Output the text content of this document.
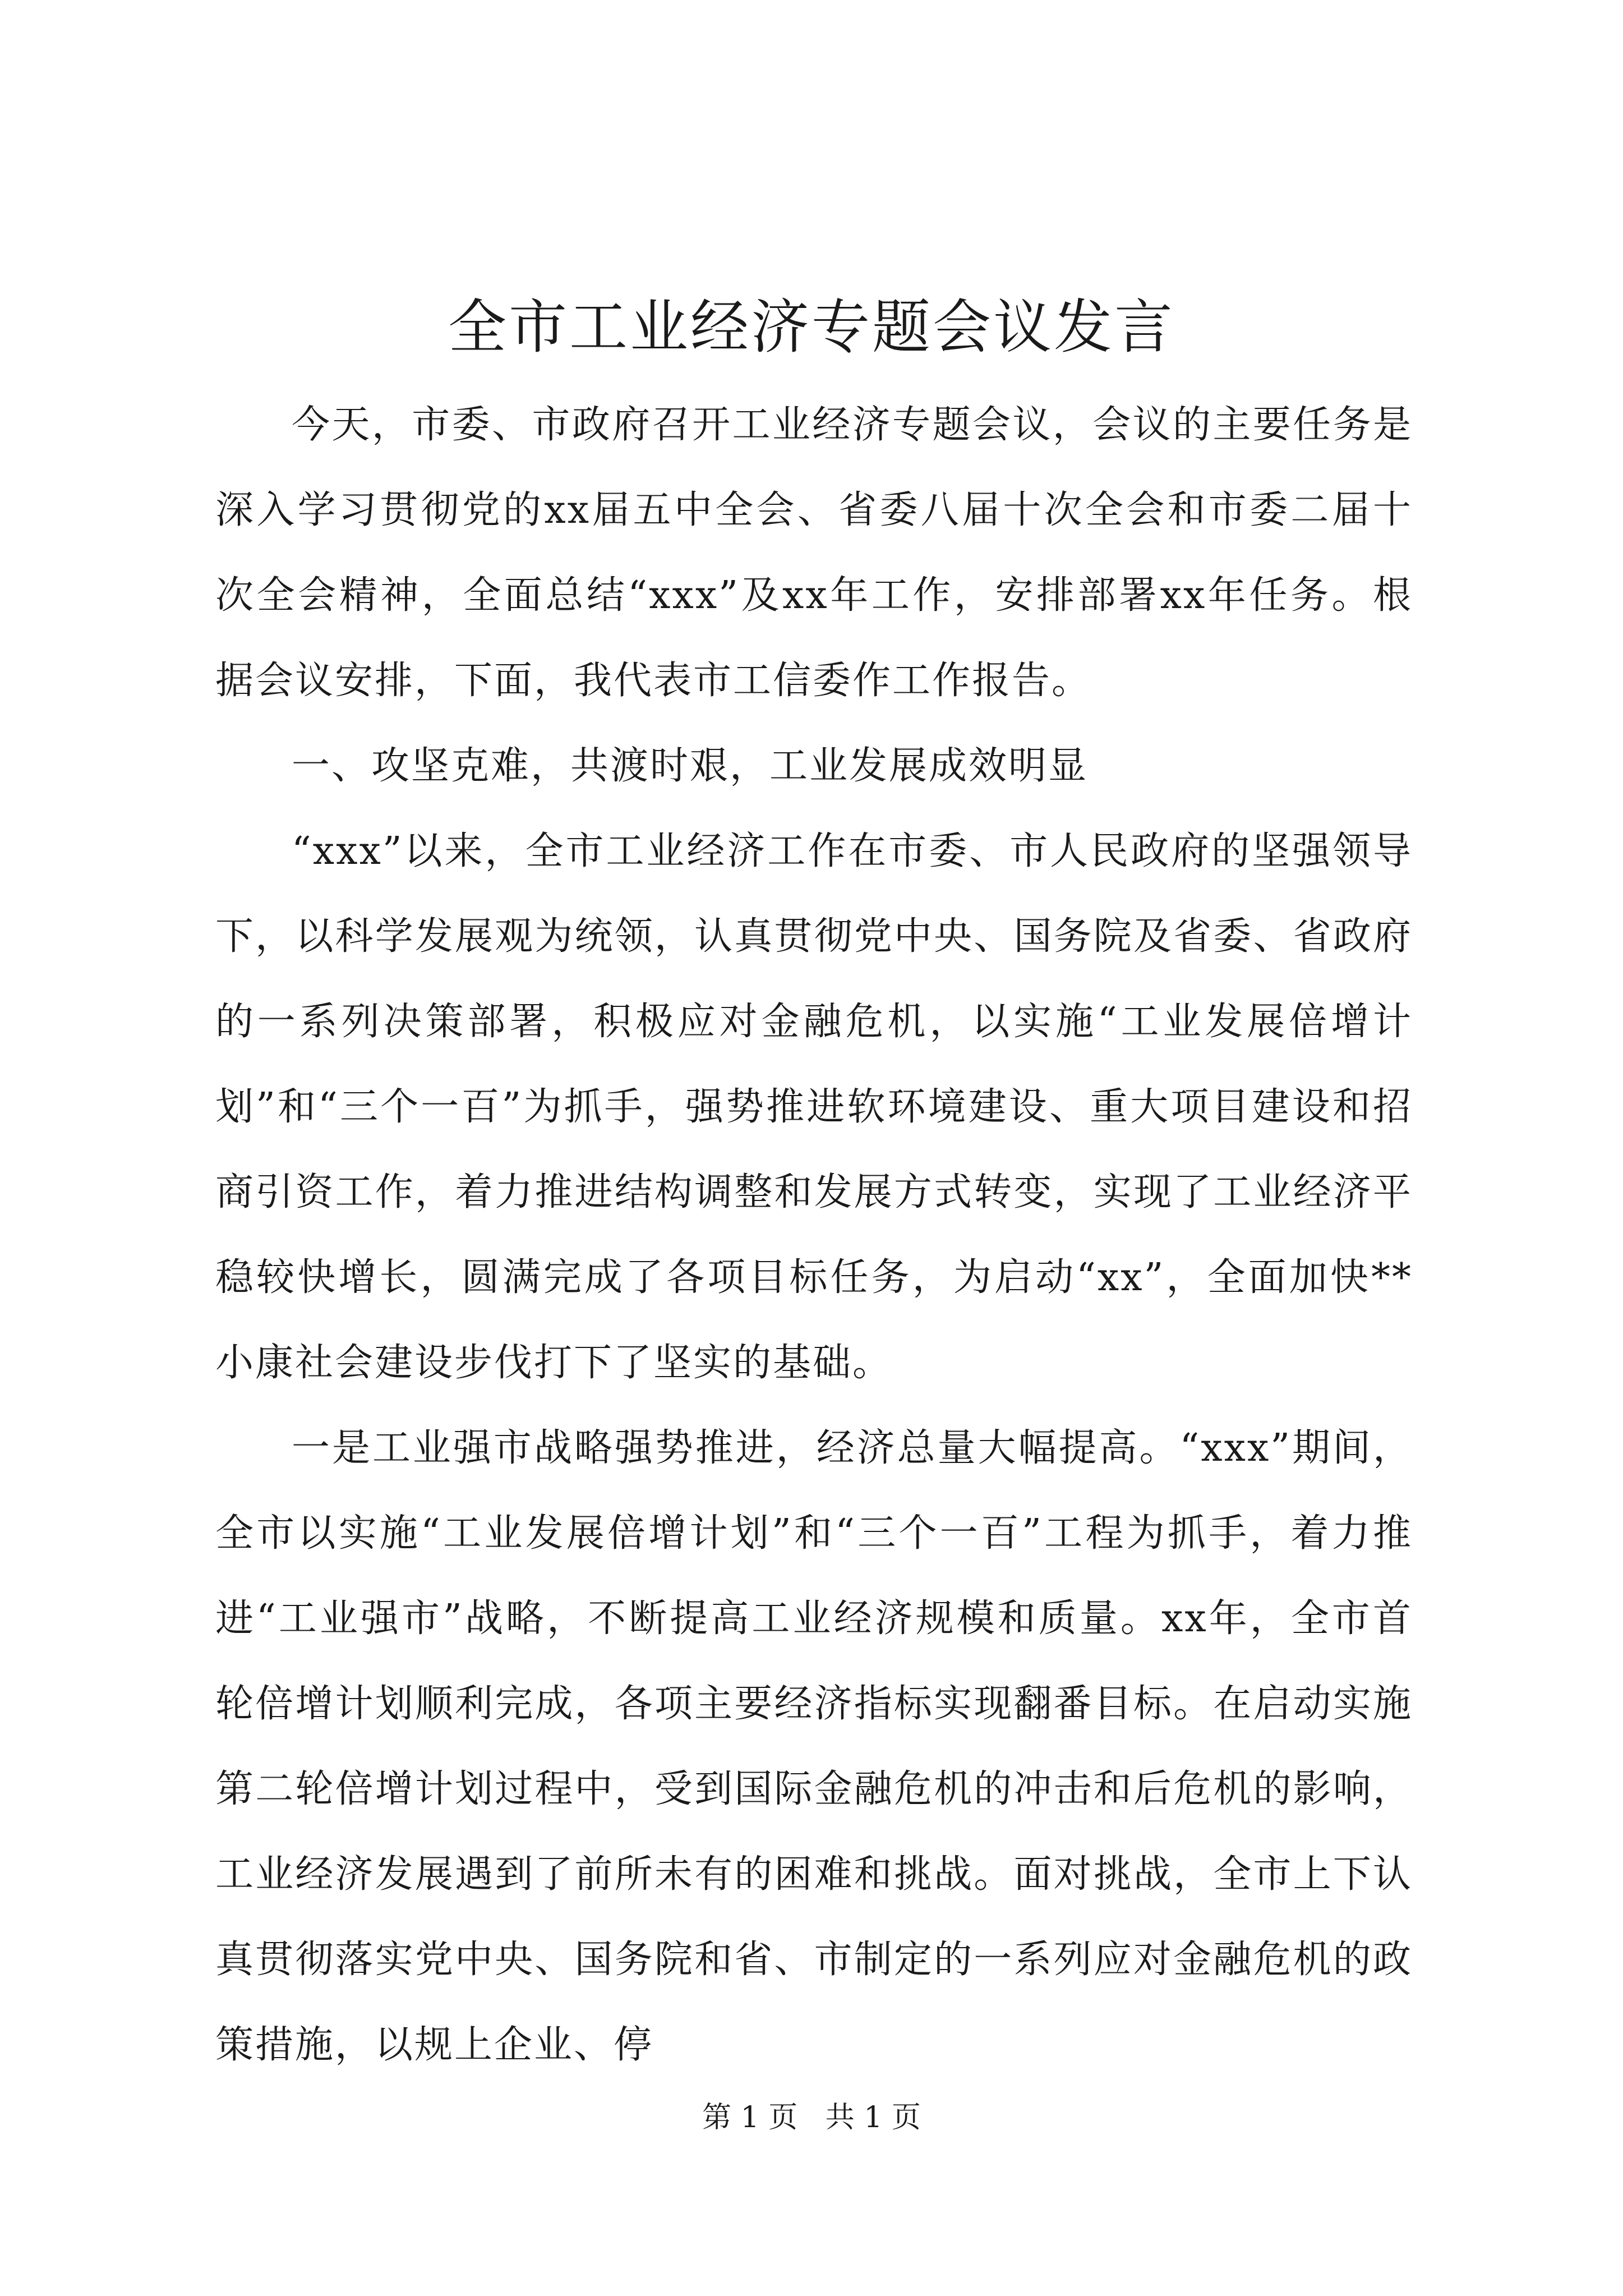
全市工业经济专题会议发言

今天，市委、市政府召开工业经济专题会议，会议的主要任务是深入学习贯彻党的xx届五中全会、省委八届十次全会和市委二届十次全会精神，全面总结“xxx”及xx年工作，安排部署xx年任务。根据会议安排，下面，我代表市工信委作工作报告。

一、攻坚克难，共渡时艰，工业发展成效明显

“xxx”以来，全市工业经济工作在市委、市人民政府的坚强领导下，以科学发展观为统领，认真贯彻党中央、国务院及省委、省政府的一系列决策部署，积极应对金融危机，以实施“工业发展倍增计划”和“三个一百”为抓手，强势推进软环境建设、重大项目建设和招商引资工作，着力推进结构调整和发展方式转变，实现了工业经济平稳较快增长，圆满完成了各项目标任务，为启动“xx”，全面加快**小康社会建设步伐打下了坚实的基础。

一是工业强市战略强势推进，经济总量大幅提高。“xxx”期间，全市以实施“工业发展倍增计划”和“三个一百”工程为抓手，着力推进“工业强市”战略，不断提高工业经济规模和质量。xx年，全市首轮倍增计划顺利完成，各项主要经济指标实现翻番目标。在启动实施第二轮倍增计划过程中，受到国际金融危机的冲击和后危机的影响，工业经济发展遇到了前所未有的困难和挑战。面对挑战，全市上下认真贯彻落实党中央、国务院和省、市制定的一系列应对金融危机的政策措施，以规上企业、停

第 1 页   共 1 页
